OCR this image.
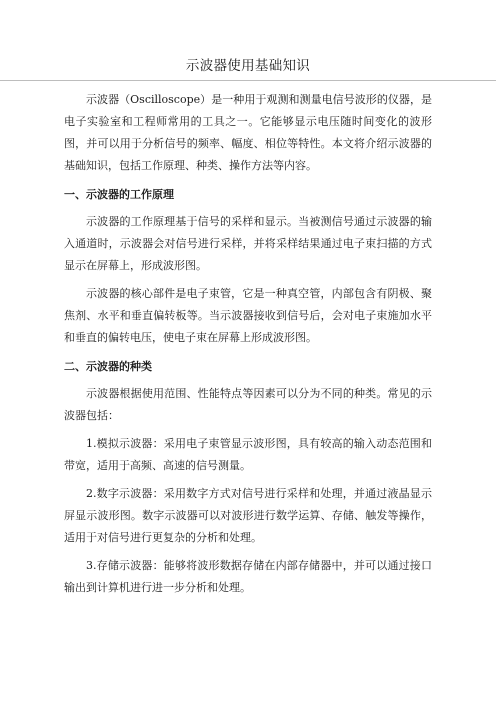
示波器使用基础知识

示波器（Oscilloscope）是一种用于观测和测量电信号波形的仪器，是电子实验室和工程师常用的工具之一。它能够显示电压随时间变化的波形图，并可以用于分析信号的频率、幅度、相位等特性。本文将介绍示波器的基础知识，包括工作原理、种类、操作方法等内容。

一、示波器的工作原理

示波器的工作原理基于信号的采样和显示。当被测信号通过示波器的输入通道时，示波器会对信号进行采样，并将采样结果通过电子束扫描的方式显示在屏幕上，形成波形图。

示波器的核心部件是电子束管，它是一种真空管，内部包含有阴极、聚焦剂、水平和垂直偏转板等。当示波器接收到信号后，会对电子束施加水平和垂直的偏转电压，使电子束在屏幕上形成波形图。

二、示波器的种类

示波器根据使用范围、性能特点等因素可以分为不同的种类。常见的示波器包括：

1.模拟示波器：采用电子束管显示波形图，具有较高的输入动态范围和带宽，适用于高频、高速的信号测量。

2.数字示波器：采用数字方式对信号进行采样和处理，并通过液晶显示屏显示波形图。数字示波器可以对波形进行数学运算、存储、触发等操作，适用于对信号进行更复杂的分析和处理。

3.存储示波器：能够将波形数据存储在内部存储器中，并可以通过接口输出到计算机进行进一步分析和处理。
